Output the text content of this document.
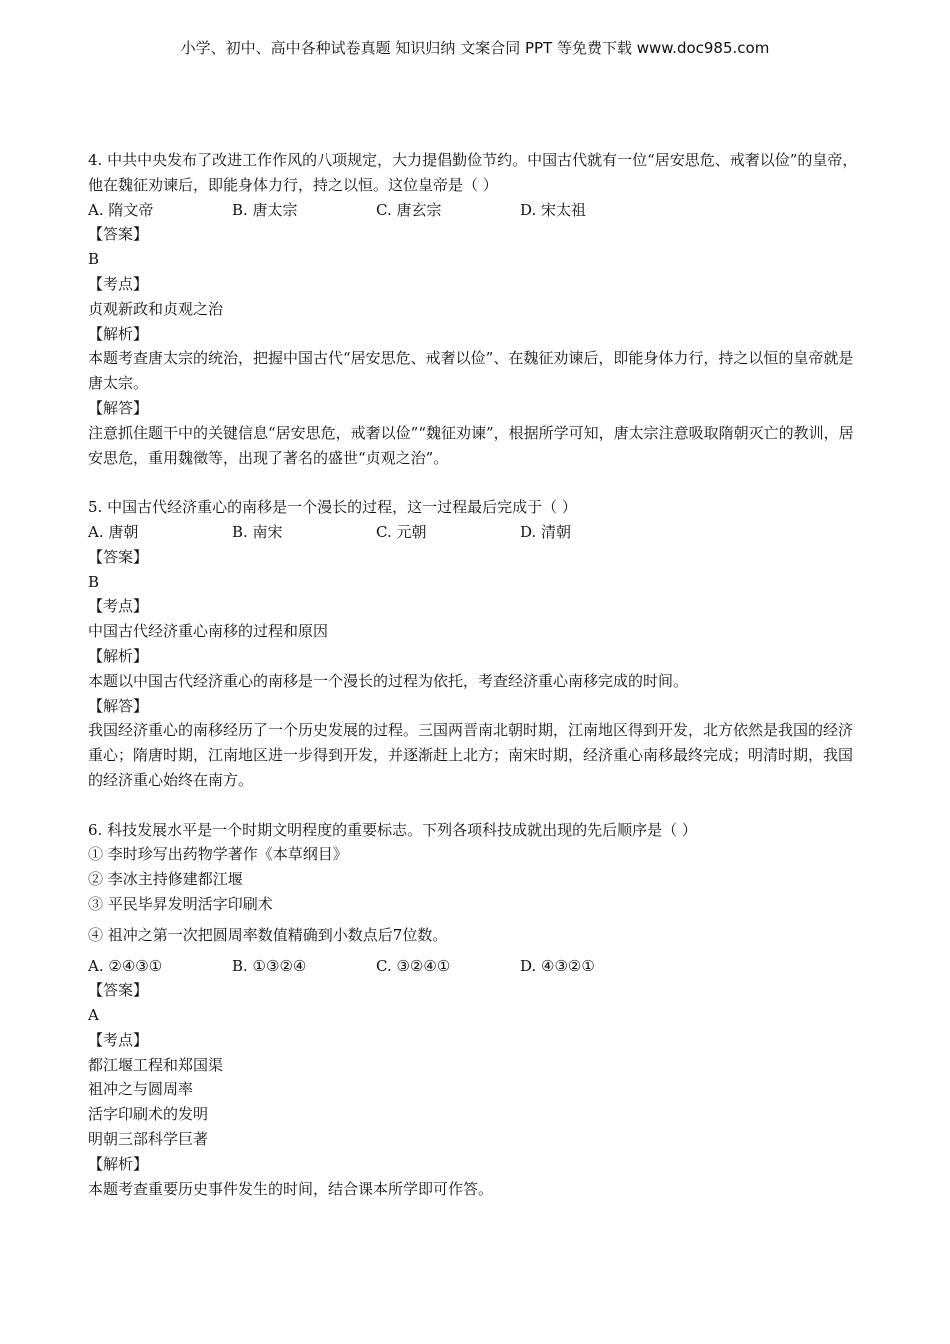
小学、初中、高中各种试卷真题 知识归纳 文案合同 PPT 等免费下载 www.doc985.com
4. 中共中央发布了改进工作作风的八项规定，大力提倡勤俭节约。中国古代就有一位“居安思危、戒奢以俭”的皇帝，他在魏征劝谏后，即能身体力行，持之以恒。这位皇帝是（ ）
A. 隋文帝	B. 唐太宗	C. 唐玄宗	D. 宋太祖
【答案】
B
【考点】
贞观新政和贞观之治
【解析】
本题考查唐太宗的统治，把握中国古代“居安思危、戒奢以俭”、在魏征劝谏后，即能身体力行，持之以恒的皇帝就是唐太宗。
【解答】
注意抓住题干中的关键信息“居安思危，戒奢以俭”“魏征劝谏”，根据所学可知，唐太宗注意吸取隋朝灭亡的教训，居安思危，重用魏徵等，出现了著名的盛世“贞观之治”。
5. 中国古代经济重心的南移是一个漫长的过程，这一过程最后完成于（ ）
A. 唐朝	B. 南宋	C. 元朝	D. 清朝
【答案】
B
【考点】
中国古代经济重心南移的过程和原因
【解析】
本题以中国古代经济重心的南移是一个漫长的过程为依托，考查经济重心南移完成的时间。
【解答】
我国经济重心的南移经历了一个历史发展的过程。三国两晋南北朝时期，江南地区得到开发，北方依然是我国的经济重心；隋唐时期，江南地区进一步得到开发，并逐渐赶上北方；南宋时期，经济重心南移最终完成；明清时期，我国的经济重心始终在南方。
6. 科技发展水平是一个时期文明程度的重要标志。下列各项科技成就出现的先后顺序是（ ）
① 李时珍写出药物学著作《本草纲目》
② 李冰主持修建都江堰
③ 平民毕昇发明活字印刷术
④ 祖冲之第一次把圆周率数值精确到小数点后7位数。
A. ②④③①	B. ①③②④	C. ③②④①	D. ④③②①
【答案】
A
【考点】
都江堰工程和郑国渠
祖冲之与圆周率
活字印刷术的发明
明朝三部科学巨著
【解析】
本题考查重要历史事件发生的时间，结合课本所学即可作答。
